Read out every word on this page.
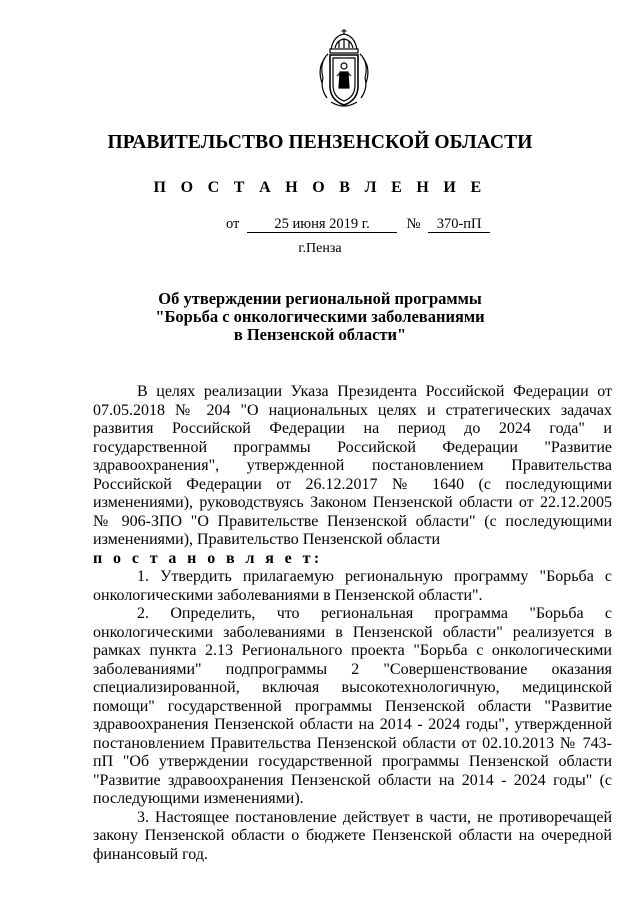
ПРАВИТЕЛЬСТВО ПЕНЗЕНСКОЙ ОБЛАСТИ
П О С Т А Н О В Л Е Н И Е
от 25 июня 2019 г.	№ 370-пП
г.Пенза
Об утверждении региональной программы
"Борьба с онкологическими заболеваниями
в Пензенской области"

В целях реализации Указа Президента Российской Федерации от 07.05.2018 № 204 "О национальных целях и стратегических задачах развития Российской Федерации на период до 2024 года" и государственной программы Российской Федерации "Развитие здравоохранения", утвержденной постановлением Правительства Российской Федерации от 26.12.2017 № 1640 (с последующими изменениями), руководствуясь Законом Пензенской области от 22.12.2005 № 906-ЗПО "О Правительстве Пензенской области" (с последующими изменениями), Правительство Пензенской области

п о с т а н о в л я е т:

1. Утвердить прилагаемую региональную программу "Борьба с онкологическими заболеваниями в Пензенской области".

2. Определить, что региональная программа "Борьба с онкологическими заболеваниями в Пензенской области" реализуется в рамках пункта 2.13 Регионального проекта "Борьба с онкологическими заболеваниями" подпрограммы 2 "Совершенствование оказания специализированной, включая высокотехнологичную, медицинской помощи" государственной программы Пензенской области "Развитие здравоохранения Пензенской области на 2014 - 2024 годы", утвержденной постановлением Правительства Пензенской области от 02.10.2013 № 743-пП "Об утверждении государственной программы Пензенской области "Развитие здравоохранения Пензенской области на 2014 - 2024 годы" (с последующими изменениями).

3. Настоящее постановление действует в части, не противоречащей закону Пензенской области о бюджете Пензенской области на очередной финансовый год.
